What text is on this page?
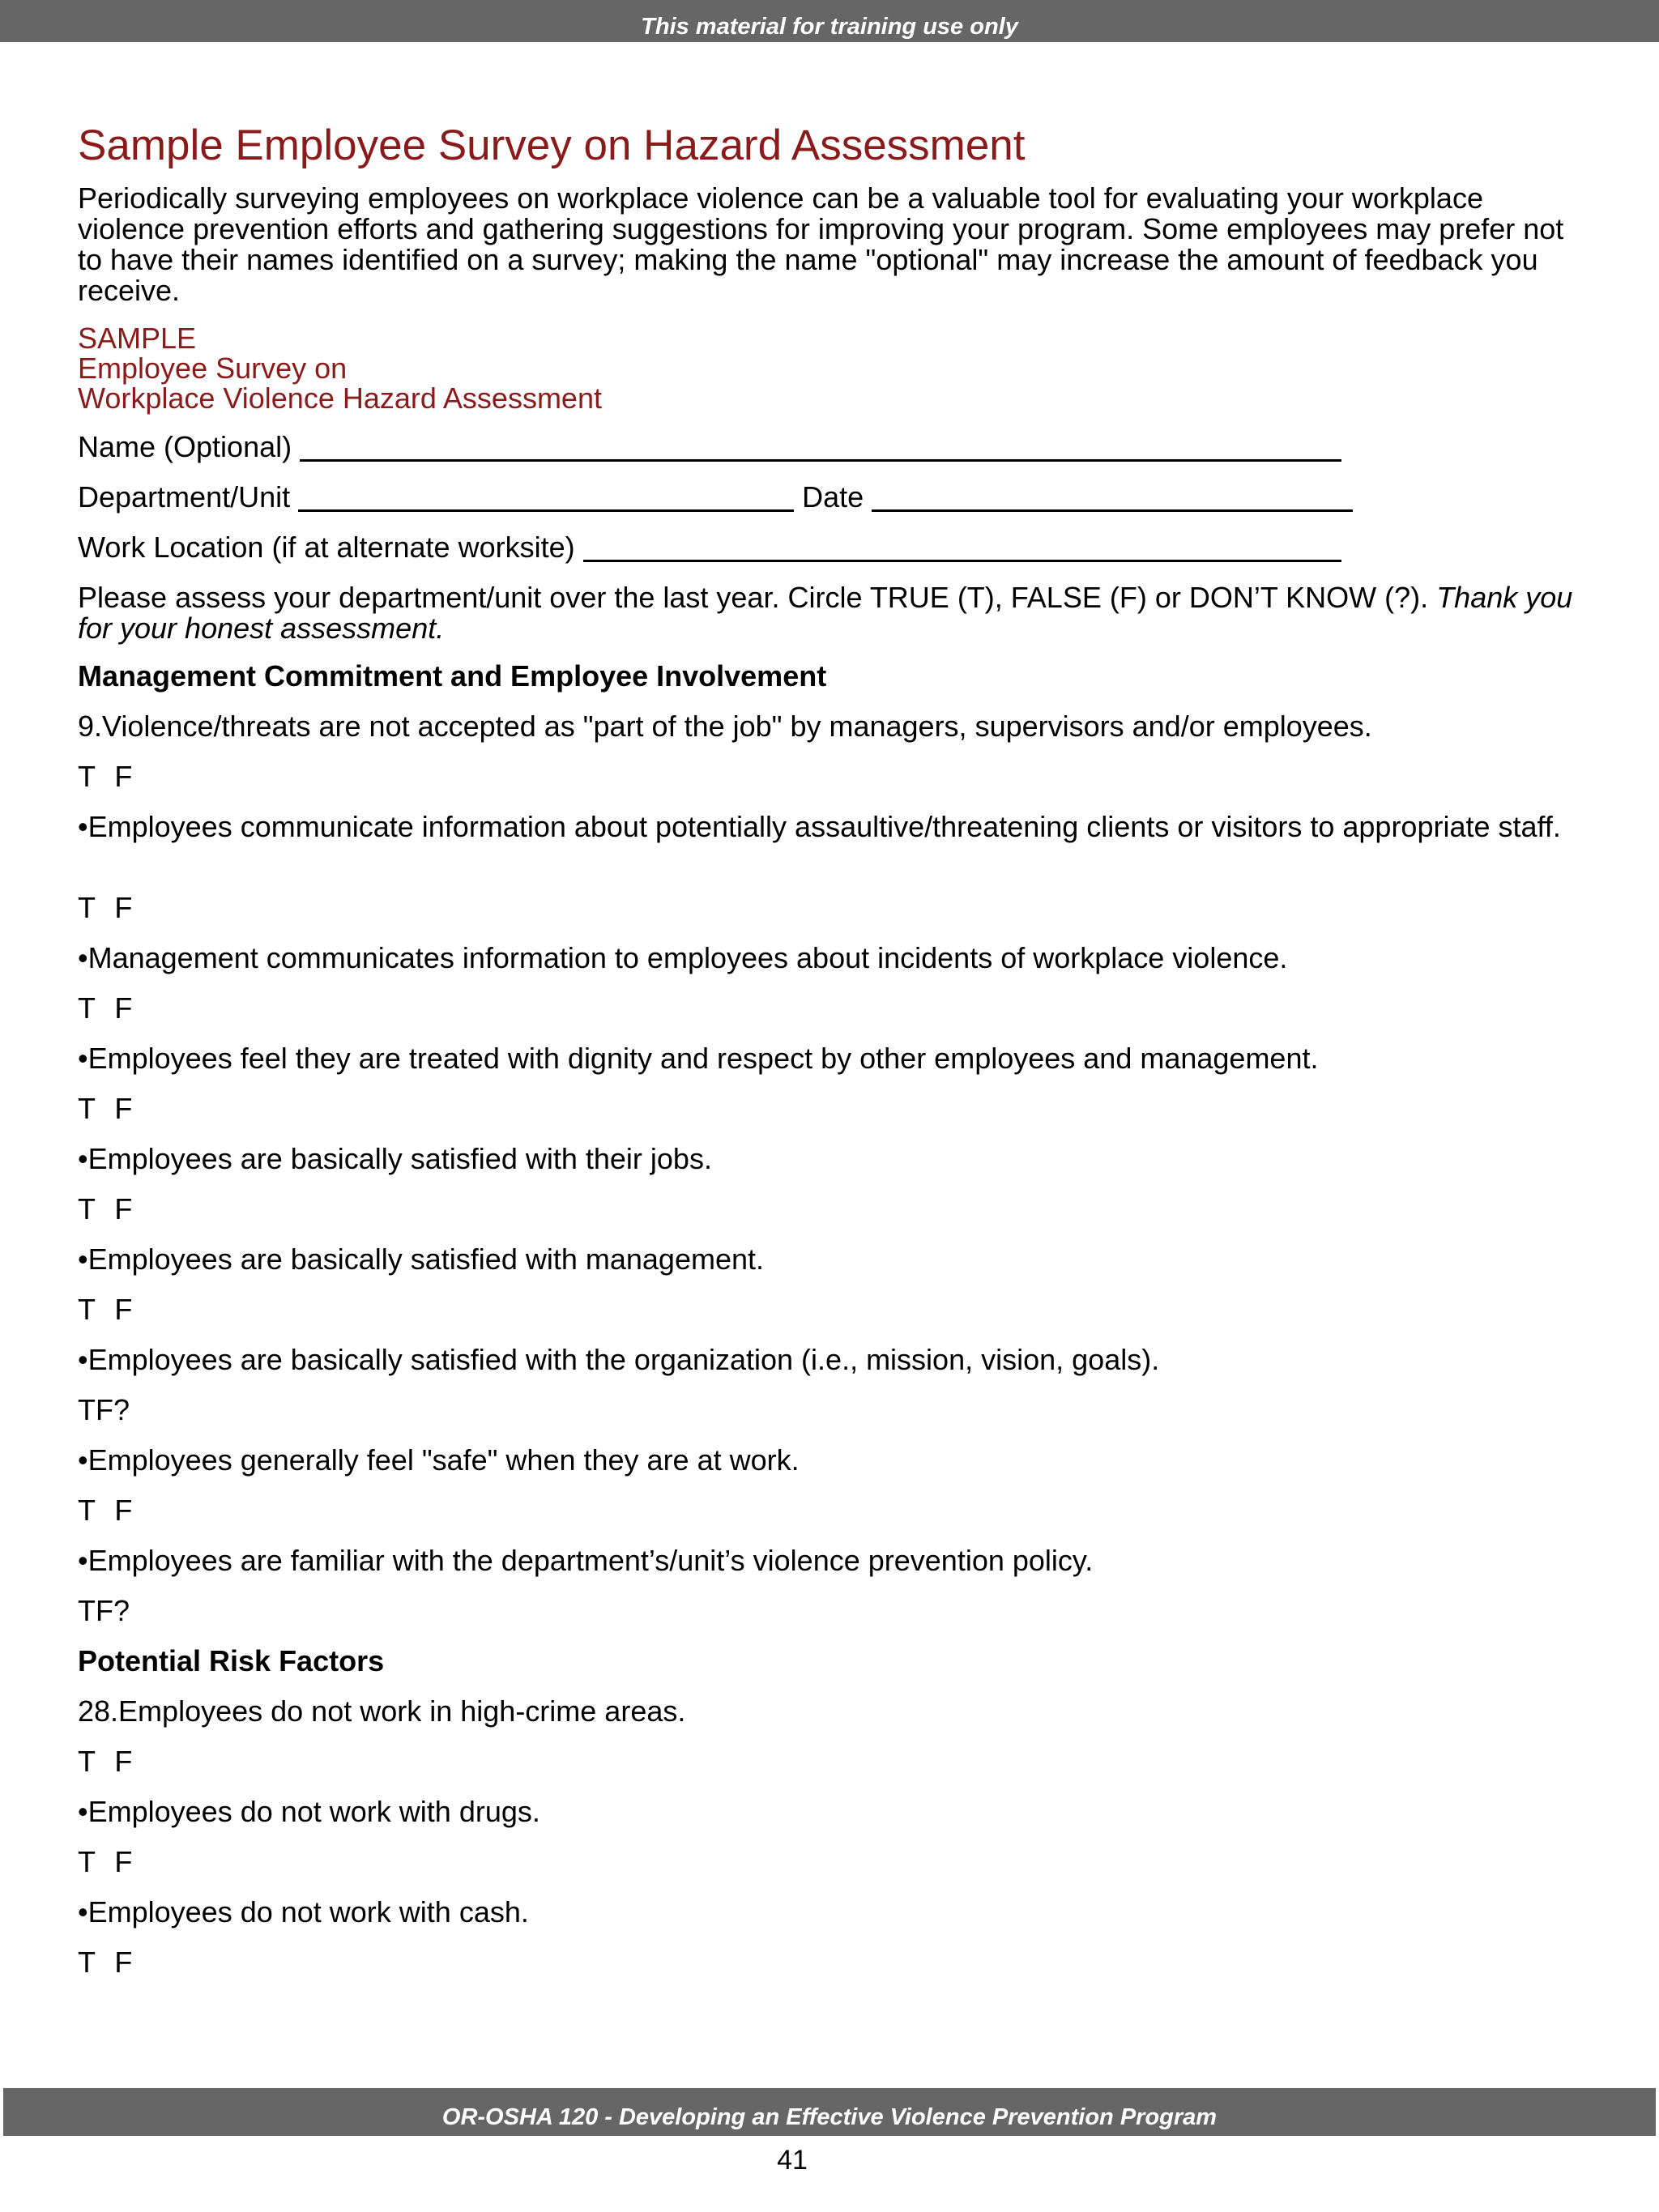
This material for training use only
Sample Employee Survey on Hazard Assessment

Periodically surveying employees on workplace violence can be a valuable tool for evaluating your workplace violence prevention efforts and gathering suggestions for improving your program. Some employees may prefer not to have their names identified on a survey; making the name "optional" may increase the amount of feedback you receive.

SAMPLE
Employee Survey on
Workplace Violence Hazard Assessment
Name (Optional)
Department/Unit	Date
Work Location (if at alternate worksite)

Please assess your department/unit over the last year. Circle TRUE (T), FALSE (F) or DON’T KNOW (?). Thank you for your honest assessment.

Management Commitment and Employee Involvement
9.Violence/threats are not accepted as "part of the job" by managers, supervisors and/or employees.
T F
•Employees communicate information about potentially assaultive/threatening clients or visitors to appropriate staff.
T F
•Management communicates information to employees about incidents of workplace violence.
T F
•Employees feel they are treated with dignity and respect by other employees and management.
T F
•Employees are basically satisfied with their jobs.
T F
•Employees are basically satisfied with management.
T F
•Employees are basically satisfied with the organization (i.e., mission, vision, goals).
TF?
•Employees generally feel "safe" when they are at work.
T F
•Employees are familiar with the department’s/unit’s violence prevention policy.
TF?
Potential Risk Factors
28.Employees do not work in high-crime areas.
T F
•Employees do not work with drugs.
T F
•Employees do not work with cash.
T F
OR-OSHA 120 - Developing an Effective Violence Prevention Program
41
